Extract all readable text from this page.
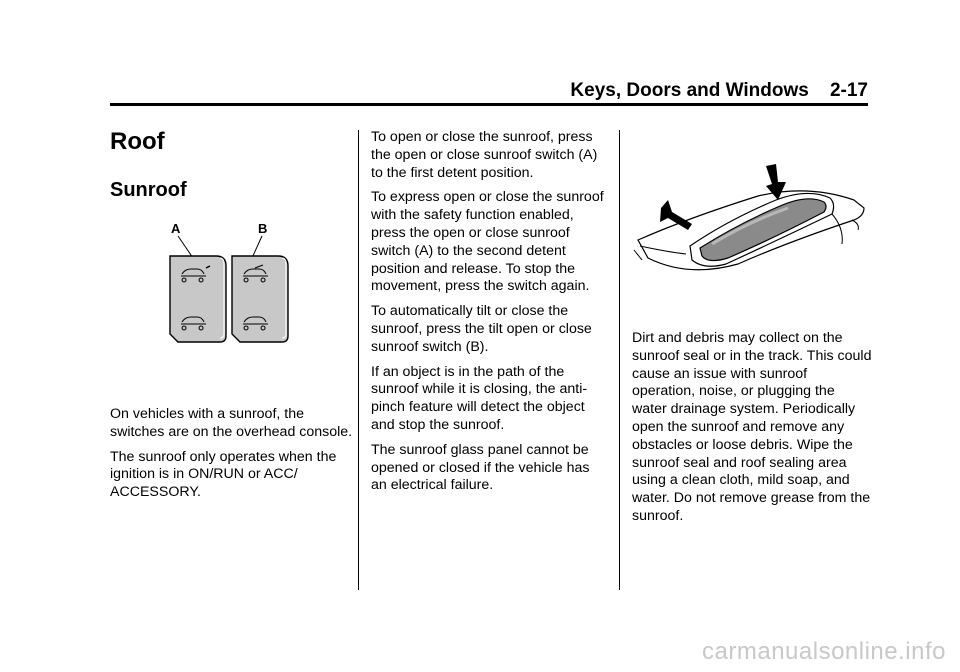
Keys, Doors and Windows 2-17
Roof
Sunroof
A	B

On vehicles with a sunroof, the switches are on the overhead console.

The sunroof only operates when the ignition is in ON/RUN or ACC/ ACCESSORY.

To open or close the sunroof, press the open or close sunroof switch (A) to the first detent position.

To express open or close the sunroof with the safety function enabled, press the open or close sunroof switch (A) to the second detent position and release. To stop the movement, press the switch again.

To automatically tilt or close the sunroof, press the tilt open or close sunroof switch (B).

If an object is in the path of the sunroof while it is closing, the anti-pinch feature will detect the object and stop the sunroof.

The sunroof glass panel cannot be opened or closed if the vehicle has an electrical failure.

Dirt and debris may collect on the sunroof seal or in the track. This could cause an issue with sunroof operation, noise, or plugging the water drainage system. Periodically open the sunroof and remove any obstacles or loose debris. Wipe the sunroof seal and roof sealing area using a clean cloth, mild soap, and water. Do not remove grease from the sunroof.

carmanualsonline.info
